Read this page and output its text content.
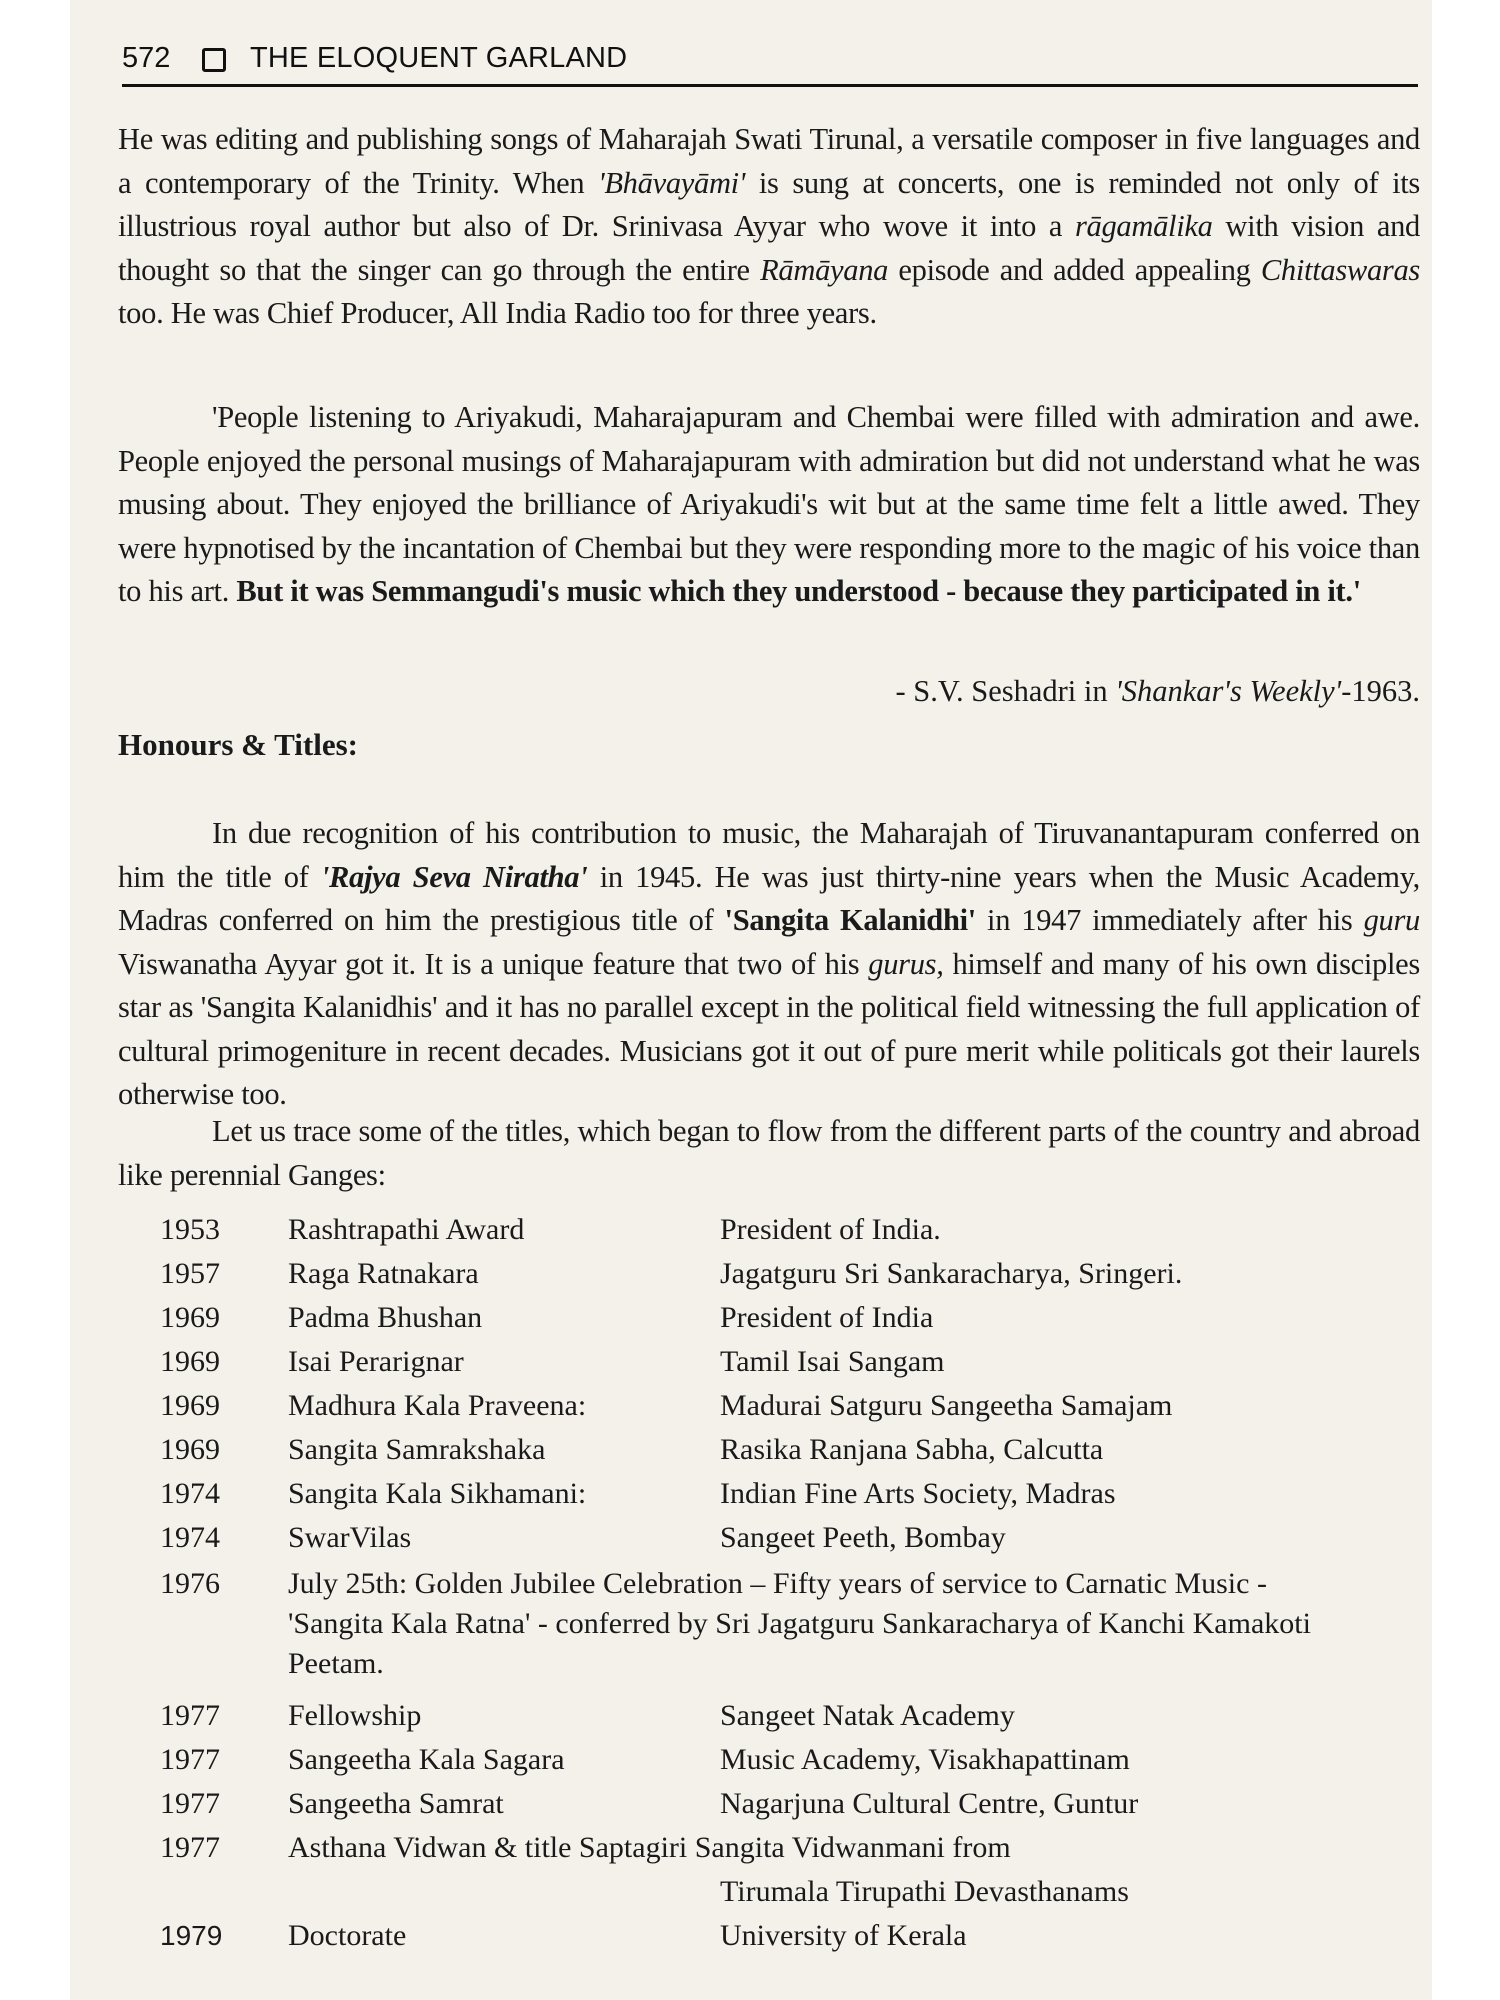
572	THE ELOQUENT GARLAND

He was editing and publishing songs of Maharajah Swati Tirunal, a versatile composer in five languages and a contemporary of the Trinity. When 'Bhāvayāmi' is sung at concerts, one is reminded not only of its illustrious royal author but also of Dr. Srinivasa Ayyar who wove it into a rāgamālika with vision and thought so that the singer can go through the entire Rāmāyana episode and added appealing Chittaswaras too. He was Chief Producer, All India Radio too for three years.

'People listening to Ariyakudi, Maharajapuram and Chembai were filled with admiration and awe. People enjoyed the personal musings of Maharajapuram with admiration but did not understand what he was musing about. They enjoyed the brilliance of Ariyakudi's wit but at the same time felt a little awed. They were hypnotised by the incantation of Chembai but they were responding more to the magic of his voice than to his art. But it was Semmangudi's music which they understood - because they participated in it.'

- S.V. Seshadri in 'Shankar's Weekly'-1963.
Honours & Titles:

In due recognition of his contribution to music, the Maharajah of Tiruvanantapuram conferred on him the title of 'Rajya Seva Niratha' in 1945. He was just thirty-nine years when the Music Academy, Madras conferred on him the prestigious title of 'Sangita Kalanidhi' in 1947 immediately after his guru Viswanatha Ayyar got it. It is a unique feature that two of his gurus, himself and many of his own disciples star as 'Sangita Kalanidhis' and it has no parallel except in the political field witnessing the full application of cultural primogeniture in recent decades. Musicians got it out of pure merit while politicals got their laurels otherwise too.

Let us trace some of the titles, which began to flow from the different parts of the country and abroad like perennial Ganges:

1953 Rashtrapathi Award	President of India.
1957 Raga Ratnakara	Jagatguru Sri Sankaracharya, Sringeri.
1969 Padma Bhushan	President of India
1969 Isai Perarignar	Tamil Isai Sangam
1969 Madhura Kala Praveena:	Madurai Satguru Sangeetha Samajam
1969 Sangita Samrakshaka	Rasika Ranjana Sabha, Calcutta
1974 Sangita Kala Sikhamani:	Indian Fine Arts Society, Madras
1974 SwarVilas	Sangeet Peeth, Bombay
1976 July 25th: Golden Jubilee Celebration – Fifty years of service to Carnatic Music -
'Sangita Kala Ratna' - conferred by Sri Jagatguru Sankaracharya of Kanchi Kamakoti
Peetam.
1977 Fellowship	Sangeet Natak Academy
1977 Sangeetha Kala Sagara	Music Academy, Visakhapattinam
1977 Sangeetha Samrat	Nagarjuna Cultural Centre, Guntur
1977 Asthana Vidwan & title Saptagiri Sangita Vidwanmani from
Tirumala Tirupathi Devasthanams
1979 Doctorate	University of Kerala
